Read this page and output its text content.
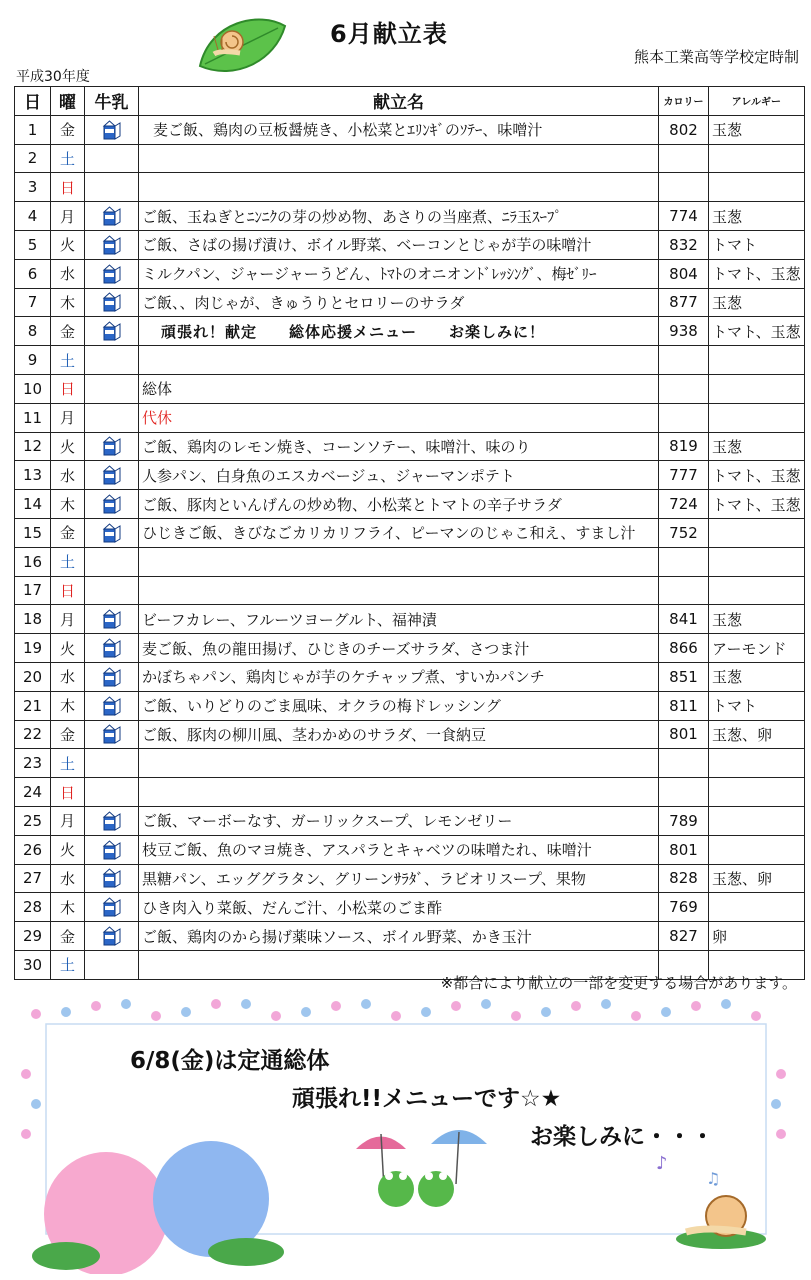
6月献立表
熊本工業高等学校定時制
平成30年度
日	曜	牛乳	献立名	カロリー	アレルギー
1	金		麦ご飯、鶏肉の豆板醤焼き、小松菜とｴﾘﾝｷﾞのｿﾃｰ、味噌汁	802	玉葱
2	土				
3	日				
4	月		ご飯、玉ねぎとﾆﾝﾆｸの芽の炒め物、あさりの当座煮、ﾆﾗ玉ｽｰﾌﾟ	774	玉葱
5	火		ご飯、さばの揚げ漬け、ボイル野菜、ベーコンとじゃが芋の味噌汁	832	トマト
6	水		ミルクパン、ジャージャーうどん、ﾄﾏﾄのオニオンﾄﾞﾚｯｼﾝｸﾞ、梅ｾﾞﾘｰ	804	トマト、玉葱
7	木		ご飯、、肉じゃが、きゅうりとセロリーのサラダ	877	玉葱
8	金		頑張れ！献定　　総体応援メニュー　　お楽しみに！	938	トマト、玉葱
9	土				
10	日		総体		
11	月		代休		
12	火		ご飯、鶏肉のレモン焼き、コーンソテー、味噌汁、味のり	819	玉葱
13	水		人参パン、白身魚のエスカベージュ、ジャーマンポテト	777	トマト、玉葱
14	木		ご飯、豚肉といんげんの炒め物、小松菜とトマトの辛子サラダ	724	トマト、玉葱
15	金		ひじきご飯、きびなごカリカリフライ、ピーマンのじゃこ和え、すまし汁	752	
16	土				
17	日				
18	月		ビーフカレー、フルーツヨーグルト、福神漬	841	玉葱
19	火		麦ご飯、魚の龍田揚げ、ひじきのチーズサラダ、さつま汁	866	アーモンド
20	水		かぼちゃパン、鶏肉じゃが芋のケチャップ煮、すいかパンチ	851	玉葱
21	木		ご飯、いりどりのごま風味、オクラの梅ドレッシング	811	トマト
22	金		ご飯、豚肉の柳川風、茎わかめのサラダ、一食納豆	801	玉葱、卵
23	土				
24	日				
25	月		ご飯、マーボーなす、ガーリックスープ、レモンゼリー	789	
26	火		枝豆ご飯、魚のマヨ焼き、アスパラとキャベツの味噌たれ、味噌汁	801	
27	水		黒糖パン、エッググラタン、グリーンｻﾗﾀﾞ、ラビオリスープ、果物	828	玉葱、卵
28	木		ひき肉入り菜飯、だんご汁、小松菜のごま酢	769	
29	金		ご飯、鶏肉のから揚げ薬味ソース、ボイル野菜、かき玉汁	827	卵
30	土				
※都合により献立の一部を変更する場合があります。
♪
♫
6/8(金)は定通総体
頑張れ!!メニューです☆★
お楽しみに・・・
